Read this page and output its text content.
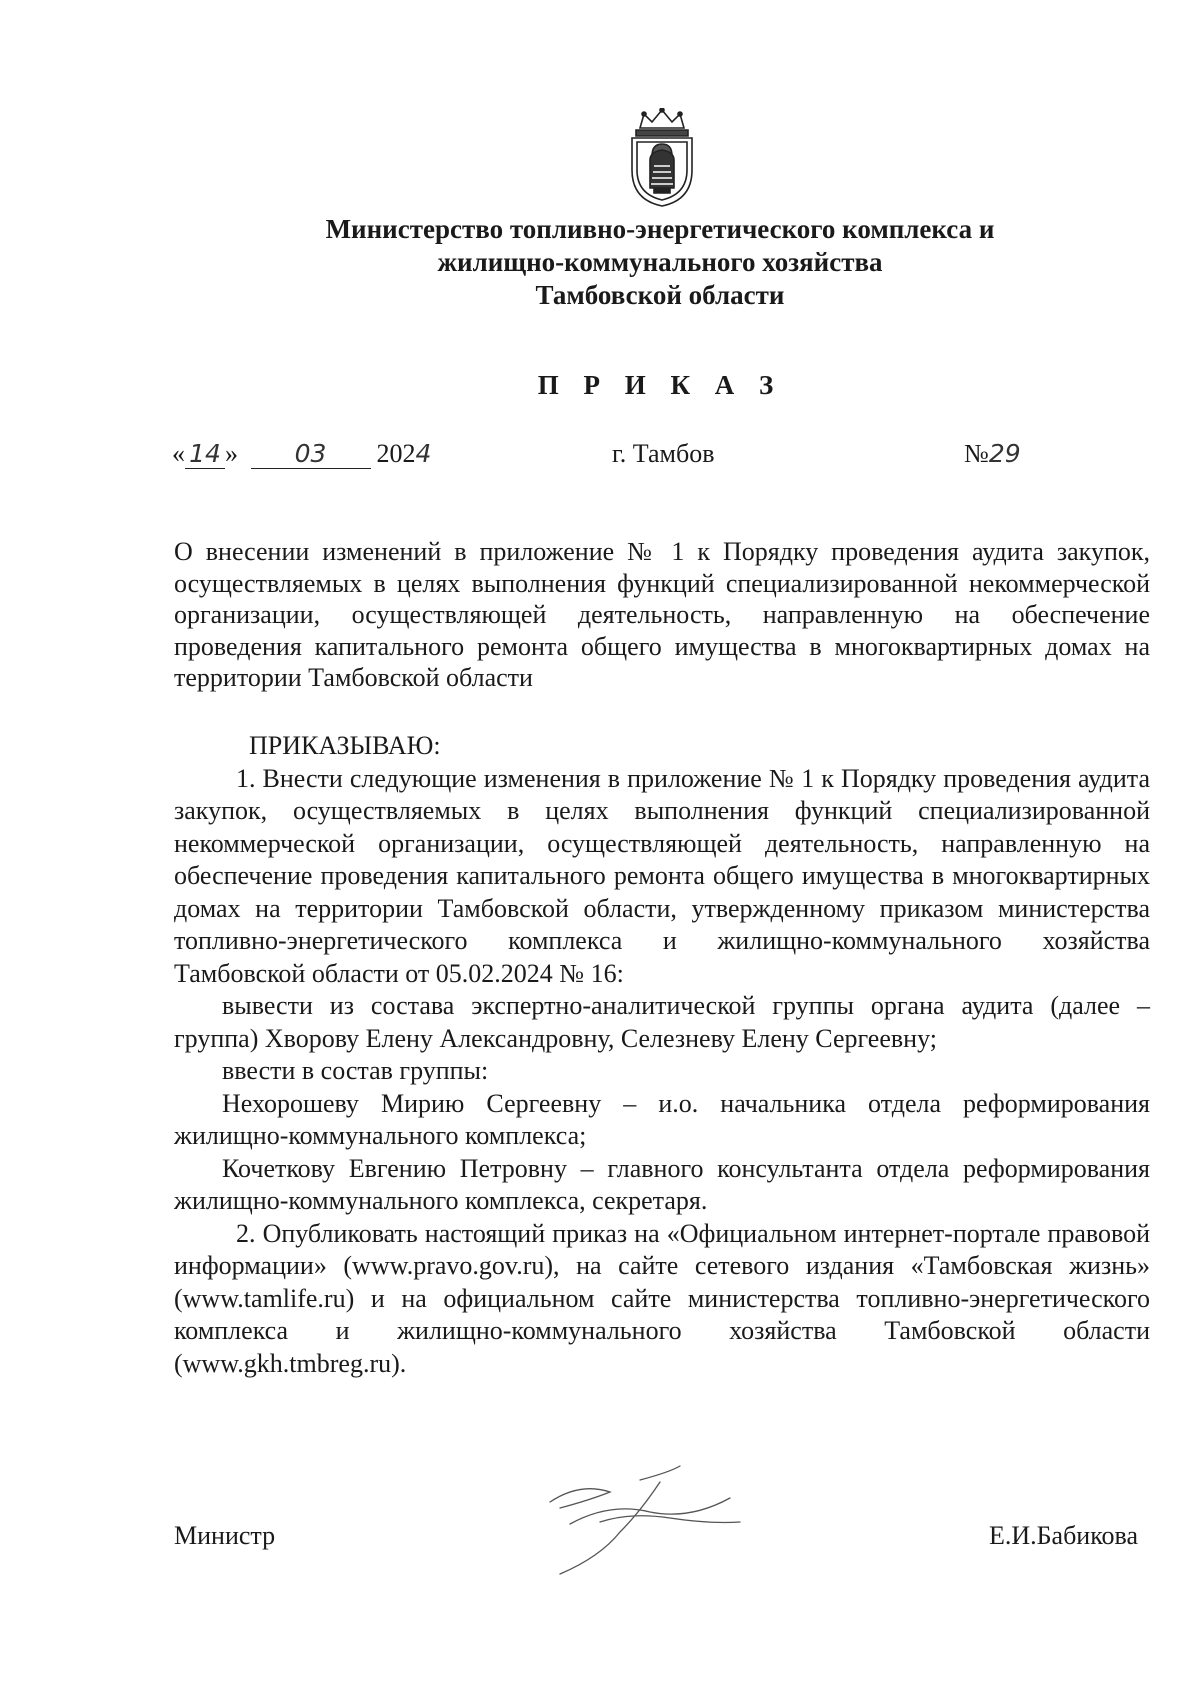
Министерство топливно-энергетического комплекса и
жилищно-коммунального хозяйства
Тамбовской области
П Р И К А З
« 14 » 03 2024	г. Тамбов	№29

О внесении изменений в приложение № 1 к Порядку проведения аудита закупок, осуществляемых в целях выполнения функций специализированной некоммерческой организации, осуществляющей деятельность, направленную на обеспечение проведения капитального ремонта общего имущества в многоквартирных домах на территории Тамбовской области

ПРИКАЗЫВАЮ:

1. Внести следующие изменения в приложение № 1 к Порядку проведения аудита закупок, осуществляемых в целях выполнения функций специализированной некоммерческой организации, осуществляющей деятельность, направленную на обеспечение проведения капитального ремонта общего имущества в многоквартирных домах на территории Тамбовской области, утвержденному приказом министерства топливно-энергетического комплекса и жилищно-коммунального хозяйства Тамбовской области от 05.02.2024 № 16:

вывести из состава экспертно-аналитической группы органа аудита (далее – группа) Хворову Елену Александровну, Селезневу Елену Сергеевну;

ввести в состав группы:

Нехорошеву Мирию Сергеевну – и.о. начальника отдела реформирования жилищно-коммунального комплекса;

Кочеткову Евгению Петровну – главного консультанта отдела реформирования жилищно-коммунального комплекса, секретаря.

2. Опубликовать настоящий приказ на «Официальном интернет-портале правовой информации» (www.pravo.gov.ru), на сайте сетевого издания «Тамбовская жизнь» (www.tamlife.ru) и на официальном сайте министерства топливно-энергетического комплекса и жилищно-коммунального хозяйства Тамбовской области (www.gkh.tmbreg.ru).

Министр	Е.И.Бабикова
